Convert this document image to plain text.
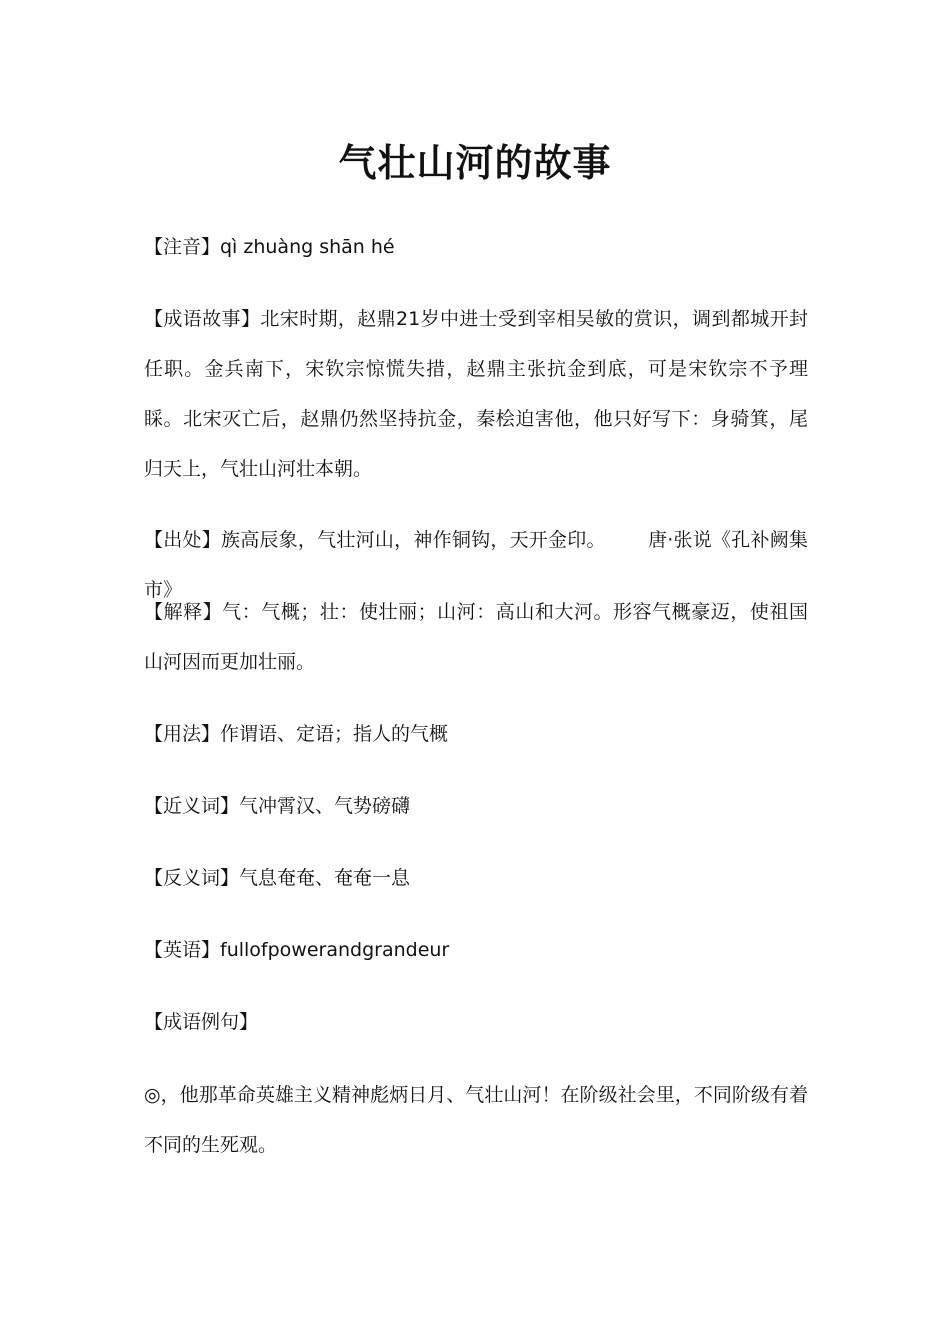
气壮山河的故事
【注音】qì zhuàng shān hé
【成语故事】北宋时期，赵鼎21岁中进士受到宰相吴敏的赏识，调到都城开封任职。金兵南下，宋钦宗惊慌失措，赵鼎主张抗金到底，可是宋钦宗不予理睬。北宋灭亡后，赵鼎仍然坚持抗金，秦桧迫害他，他只好写下：身骑箕，尾归天上，气壮山河壮本朝。
【出处】族高辰象，气壮河山，神作铜钩，天开金印。 唐·张说《孔补阙集市》
【解释】气：气概；壮：使壮丽；山河：高山和大河。形容气概豪迈，使祖国山河因而更加壮丽。
【用法】作谓语、定语；指人的气概
【近义词】气冲霄汉、气势磅礴
【反义词】气息奄奄、奄奄一息
【英语】fullofpowerandgrandeur
【成语例句】
◎，他那革命英雄主义精神彪炳日月、气壮山河！在阶级社会里，不同阶级有着不同的生死观。
